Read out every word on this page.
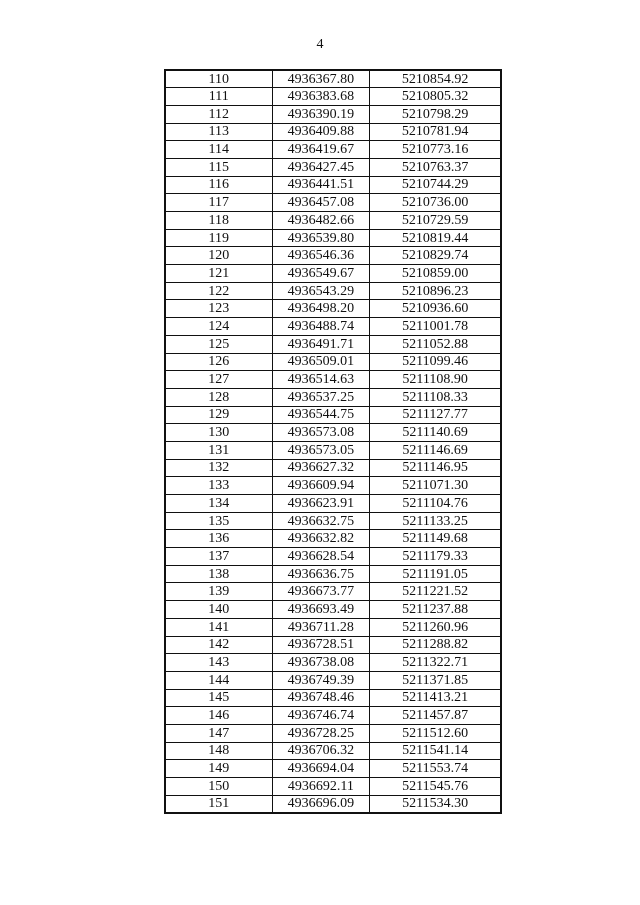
4
110	4936367.80	5210854.92
111	4936383.68	5210805.32
112	4936390.19	5210798.29
113	4936409.88	5210781.94
114	4936419.67	5210773.16
115	4936427.45	5210763.37
116	4936441.51	5210744.29
117	4936457.08	5210736.00
118	4936482.66	5210729.59
119	4936539.80	5210819.44
120	4936546.36	5210829.74
121	4936549.67	5210859.00
122	4936543.29	5210896.23
123	4936498.20	5210936.60
124	4936488.74	5211001.78
125	4936491.71	5211052.88
126	4936509.01	5211099.46
127	4936514.63	5211108.90
128	4936537.25	5211108.33
129	4936544.75	5211127.77
130	4936573.08	5211140.69
131	4936573.05	5211146.69
132	4936627.32	5211146.95
133	4936609.94	5211071.30
134	4936623.91	5211104.76
135	4936632.75	5211133.25
136	4936632.82	5211149.68
137	4936628.54	5211179.33
138	4936636.75	5211191.05
139	4936673.77	5211221.52
140	4936693.49	5211237.88
141	4936711.28	5211260.96
142	4936728.51	5211288.82
143	4936738.08	5211322.71
144	4936749.39	5211371.85
145	4936748.46	5211413.21
146	4936746.74	5211457.87
147	4936728.25	5211512.60
148	4936706.32	5211541.14
149	4936694.04	5211553.74
150	4936692.11	5211545.76
151	4936696.09	5211534.30
